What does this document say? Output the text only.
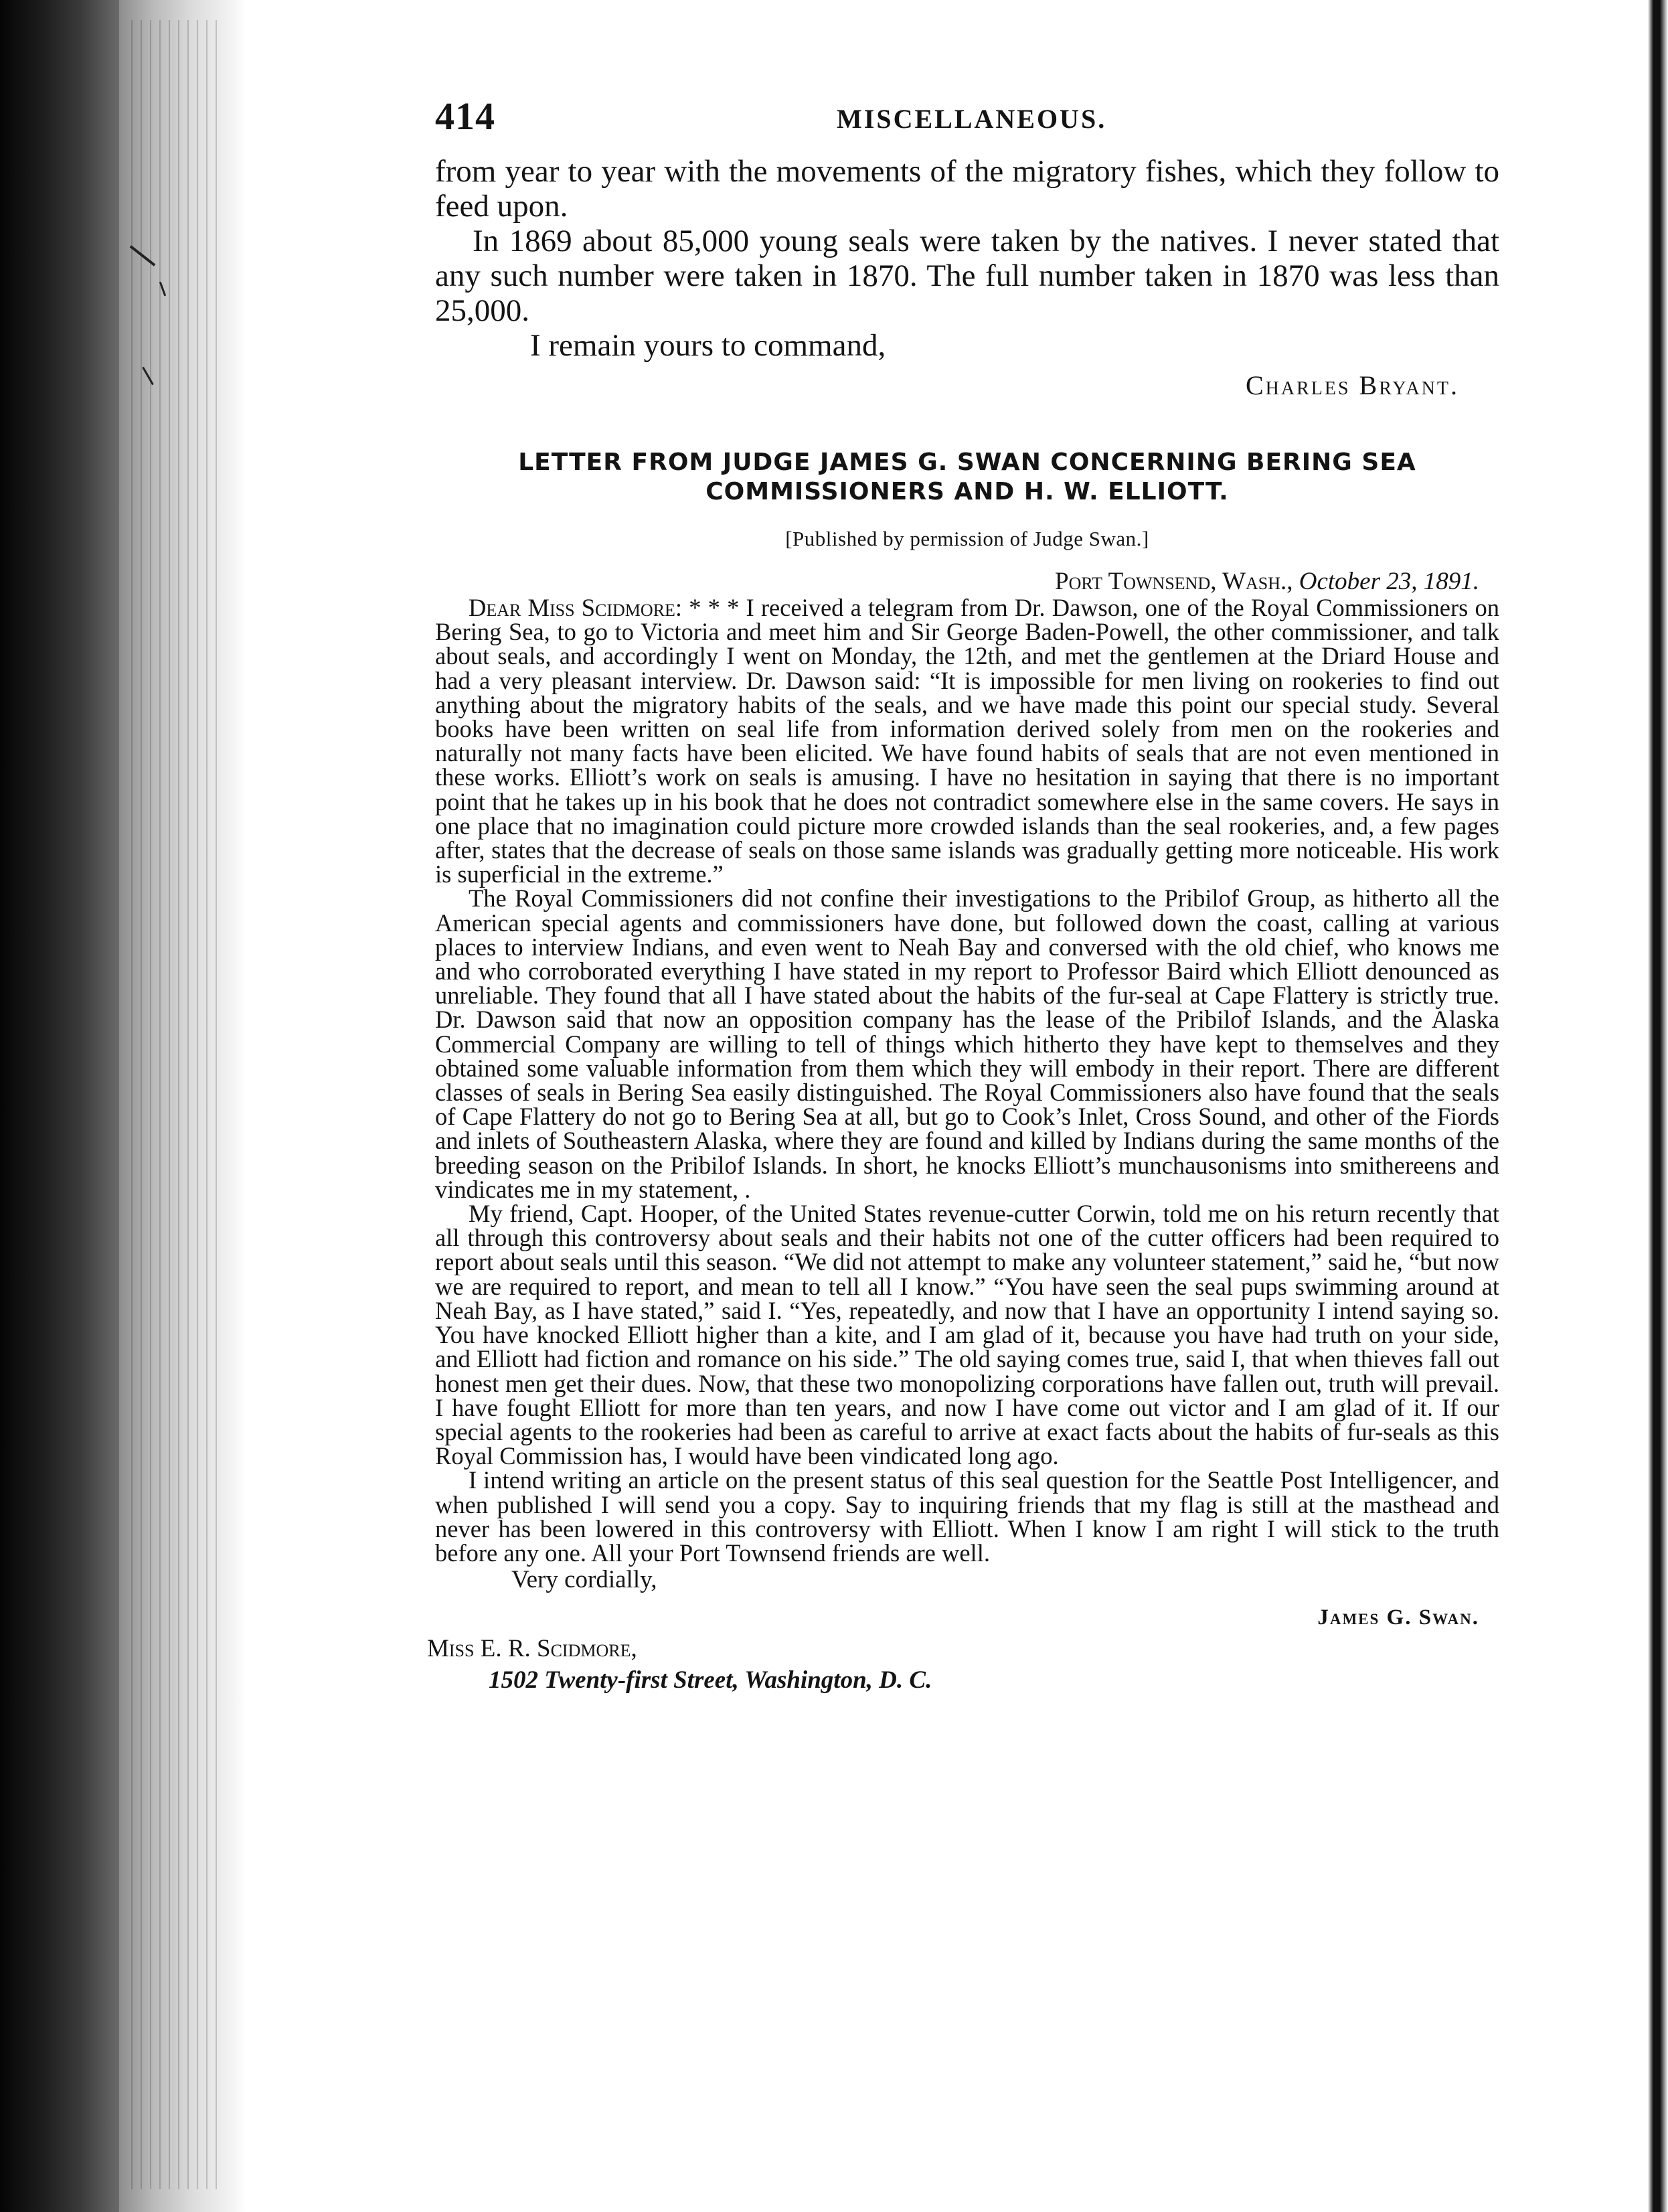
414	MISCELLANEOUS.

from year to year with the movements of the migratory fishes, which they follow to feed upon.

In 1869 about 85,000 young seals were taken by the natives. I never stated that any such number were taken in 1870. The full number taken in 1870 was less than 25,000.

I remain yours to command,

Charles Bryant.
LETTER FROM JUDGE JAMES G. SWAN CONCERNING BERING SEA
COMMISSIONERS AND H. W. ELLIOTT.
[Published by permission of Judge Swan.]
Port Townsend, Wash., October 23, 1891.

Dear Miss Scidmore: * * * I received a telegram from Dr. Dawson, one of the Royal Commissioners on Bering Sea, to go to Victoria and meet him and Sir George Baden-Powell, the other commissioner, and talk about seals, and accordingly I went on Monday, the 12th, and met the gentlemen at the Driard House and had a very pleasant interview. Dr. Dawson said: “It is impossible for men living on rookeries to find out anything about the migratory habits of the seals, and we have made this point our special study. Several books have been written on seal life from information derived solely from men on the rookeries and naturally not many facts have been elicited. We have found habits of seals that are not even mentioned in these works. Elliott’s work on seals is amusing. I have no hesitation in saying that there is no important point that he takes up in his book that he does not contradict somewhere else in the same covers. He says in one place that no imagination could picture more crowded islands than the seal rookeries, and, a few pages after, states that the decrease of seals on those same islands was gradually getting more noticeable. His work is superficial in the extreme.”

The Royal Commissioners did not confine their investigations to the Pribilof Group, as hitherto all the American special agents and commissioners have done, but followed down the coast, calling at various places to interview Indians, and even went to Neah Bay and conversed with the old chief, who knows me and who corroborated everything I have stated in my report to Professor Baird which Elliott denounced as unreliable. They found that all I have stated about the habits of the fur-seal at Cape Flattery is strictly true. Dr. Dawson said that now an opposition company has the lease of the Pribilof Islands, and the Alaska Commercial Company are willing to tell of things which hitherto they have kept to themselves and they obtained some valuable information from them which they will embody in their report. There are different classes of seals in Bering Sea easily distinguished. The Royal Commissioners also have found that the seals of Cape Flattery do not go to Bering Sea at all, but go to Cook’s Inlet, Cross Sound, and other of the Fiords and inlets of Southeastern Alaska, where they are found and killed by Indians during the same months of the breeding season on the Pribilof Islands. In short, he knocks Elliott’s munchausonisms into smithereens and vindicates me in my statement, .

My friend, Capt. Hooper, of the United States revenue-cutter Corwin, told me on his return recently that all through this controversy about seals and their habits not one of the cutter officers had been required to report about seals until this season. “We did not attempt to make any volunteer statement,” said he, “but now we are required to report, and mean to tell all I know.” “You have seen the seal pups swimming around at Neah Bay, as I have stated,” said I. “Yes, repeatedly, and now that I have an opportunity I intend saying so. You have knocked Elliott higher than a kite, and I am glad of it, because you have had truth on your side, and Elliott had fiction and romance on his side.” The old saying comes true, said I, that when thieves fall out honest men get their dues. Now, that these two monopolizing corporations have fallen out, truth will prevail. I have fought Elliott for more than ten years, and now I have come out victor and I am glad of it. If our special agents to the rookeries had been as careful to arrive at exact facts about the habits of fur-seals as this Royal Commission has, I would have been vindicated long ago.

I intend writing an article on the present status of this seal question for the Seattle Post Intelligencer, and when published I will send you a copy. Say to inquiring friends that my flag is still at the masthead and never has been lowered in this controversy with Elliott. When I know I am right I will stick to the truth before any one. All your Port Townsend friends are well.

Very cordially,
James G. Swan.
Miss E. R. Scidmore,
1502 Twenty-first Street, Washington, D. C.
